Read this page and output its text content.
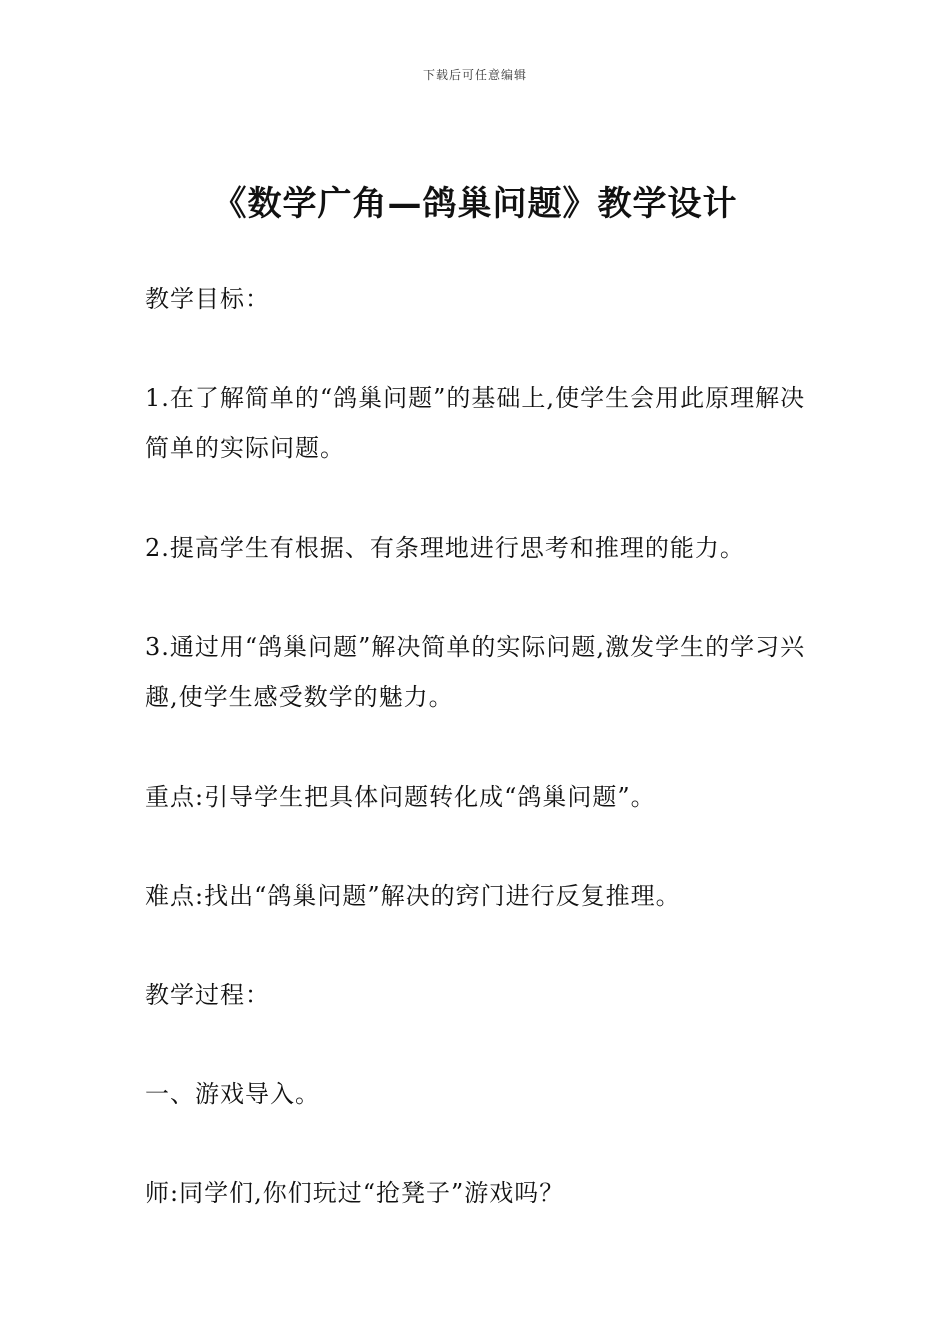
下载后可任意编辑
《数学广角—鸽巢问题》教学设计
教学目标：
1.在了解简单的“鸽巢问题”的基础上,使学生会用此原理解决简单的实际问题。
2.提高学生有根据、有条理地进行思考和推理的能力。
3.通过用“鸽巢问题”解决简单的实际问题,激发学生的学习兴趣,使学生感受数学的魅力。
重点:引导学生把具体问题转化成“鸽巢问题”。
难点:找出“鸽巢问题”解决的窍门进行反复推理。
教学过程：
一、游戏导入。
师:同学们,你们玩过“抢凳子”游戏吗？
